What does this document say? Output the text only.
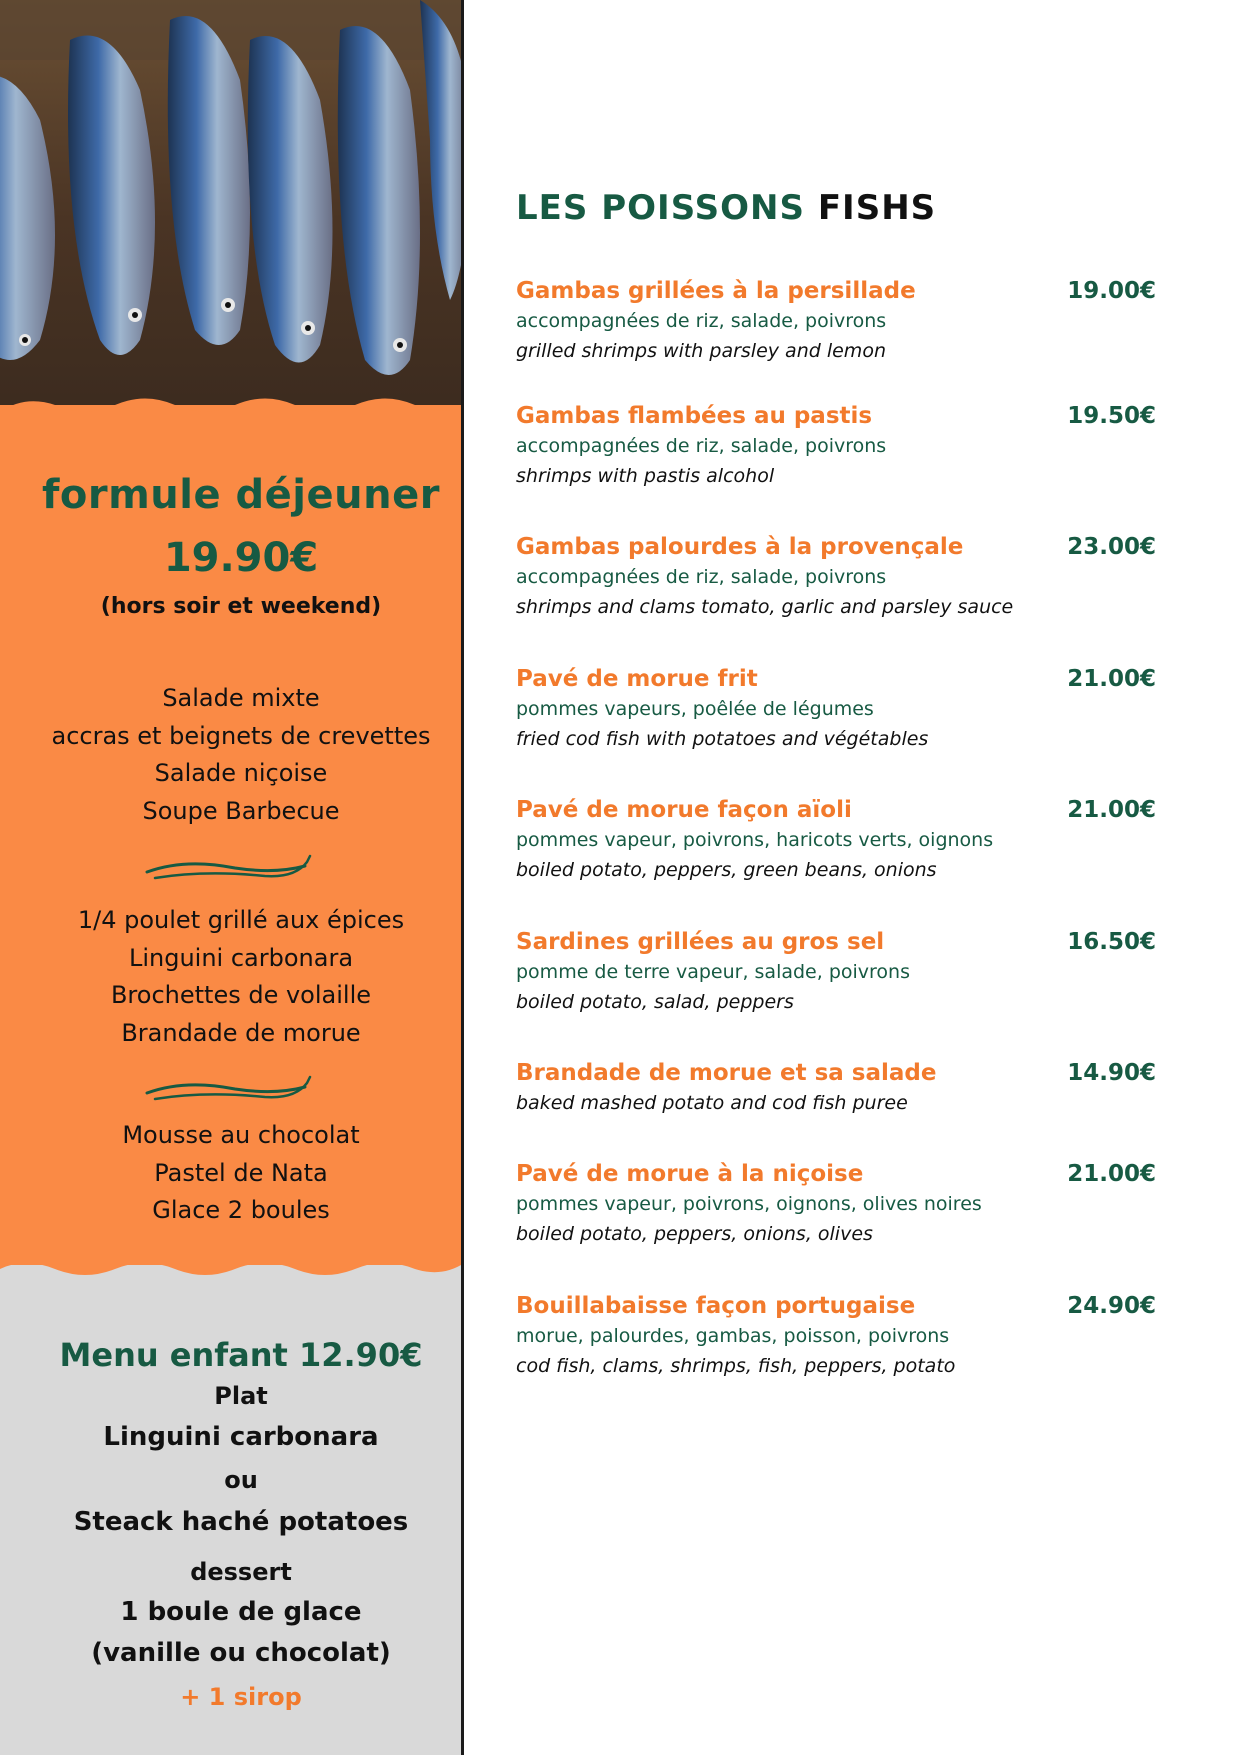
formule déjeuner
19.90€
(hors soir et weekend)
Salade mixte
accras et beignets de crevettes
Salade niçoise
Soupe Barbecue
1/4 poulet grillé aux épices
Linguini carbonara
Brochettes de volaille
Brandade de morue
Mousse au chocolat
Pastel de Nata
Glace 2 boules
Menu enfant 12.90€
Plat
Linguini carbonara
ou
Steack haché potatoes
dessert
1 boule de glace
(vanille ou chocolat)
+ 1 sirop
LES POISSONS FISHS
Gambas grillées à la persillade
accompagnées de riz, salade, poivrons
grilled shrimps with parsley and lemon
19.00€
Gambas flambées au pastis
accompagnées de riz, salade, poivrons
shrimps with pastis alcohol
19.50€
Gambas palourdes à la provençale
accompagnées de riz, salade, poivrons
shrimps and clams tomato, garlic and parsley sauce
23.00€
Pavé de morue frit
pommes vapeurs, poêlée de légumes
fried cod fish with potatoes and végétables
21.00€
Pavé de morue façon aïoli
pommes vapeur, poivrons, haricots verts, oignons
boiled potato, peppers, green beans, onions
21.00€
Sardines grillées au gros sel
pomme de terre vapeur, salade, poivrons
boiled potato, salad, peppers
16.50€
Brandade de morue et sa salade
baked mashed potato and cod fish puree
14.90€
Pavé de morue à la niçoise
pommes vapeur, poivrons, oignons, olives noires
boiled potato, peppers, onions, olives
21.00€
Bouillabaisse façon portugaise
morue, palourdes, gambas, poisson, poivrons
cod fish, clams, shrimps, fish, peppers, potato
24.90€
